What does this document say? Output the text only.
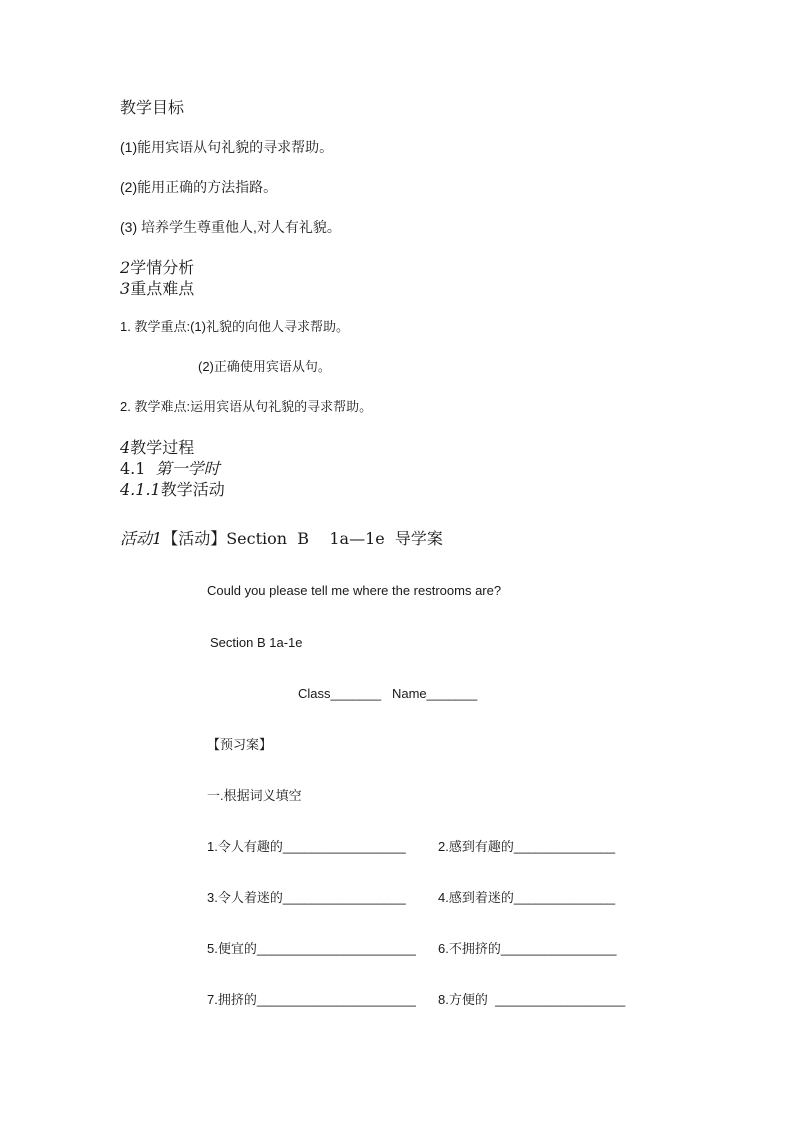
教学目标
(1)能用宾语从句礼貌的寻求帮助。
(2)能用正确的方法指路。
(3) 培养学生尊重他人,对人有礼貌。
2学情分析
3重点难点
1. 教学重点:(1)礼貌的向他人寻求帮助。
(2)正确使用宾语从句。
2. 教学难点:运用宾语从句礼貌的寻求帮助。
4教学过程
4.1 第一学时
4.1.1教学活动
活动1【活动】Section  B    1a—1e  导学案
Could you please tell me where the restrooms are?
Section B 1a-1e
Class_______   Name_______
【预习案】
一.根据词义填空
1.令人有趣的_________________ 2.感到有趣的______________
3.令人着迷的_________________ 4.感到着迷的______________
5.便宜的______________________ 6.不拥挤的________________
7.拥挤的______________________ 8.方便的  __________________
